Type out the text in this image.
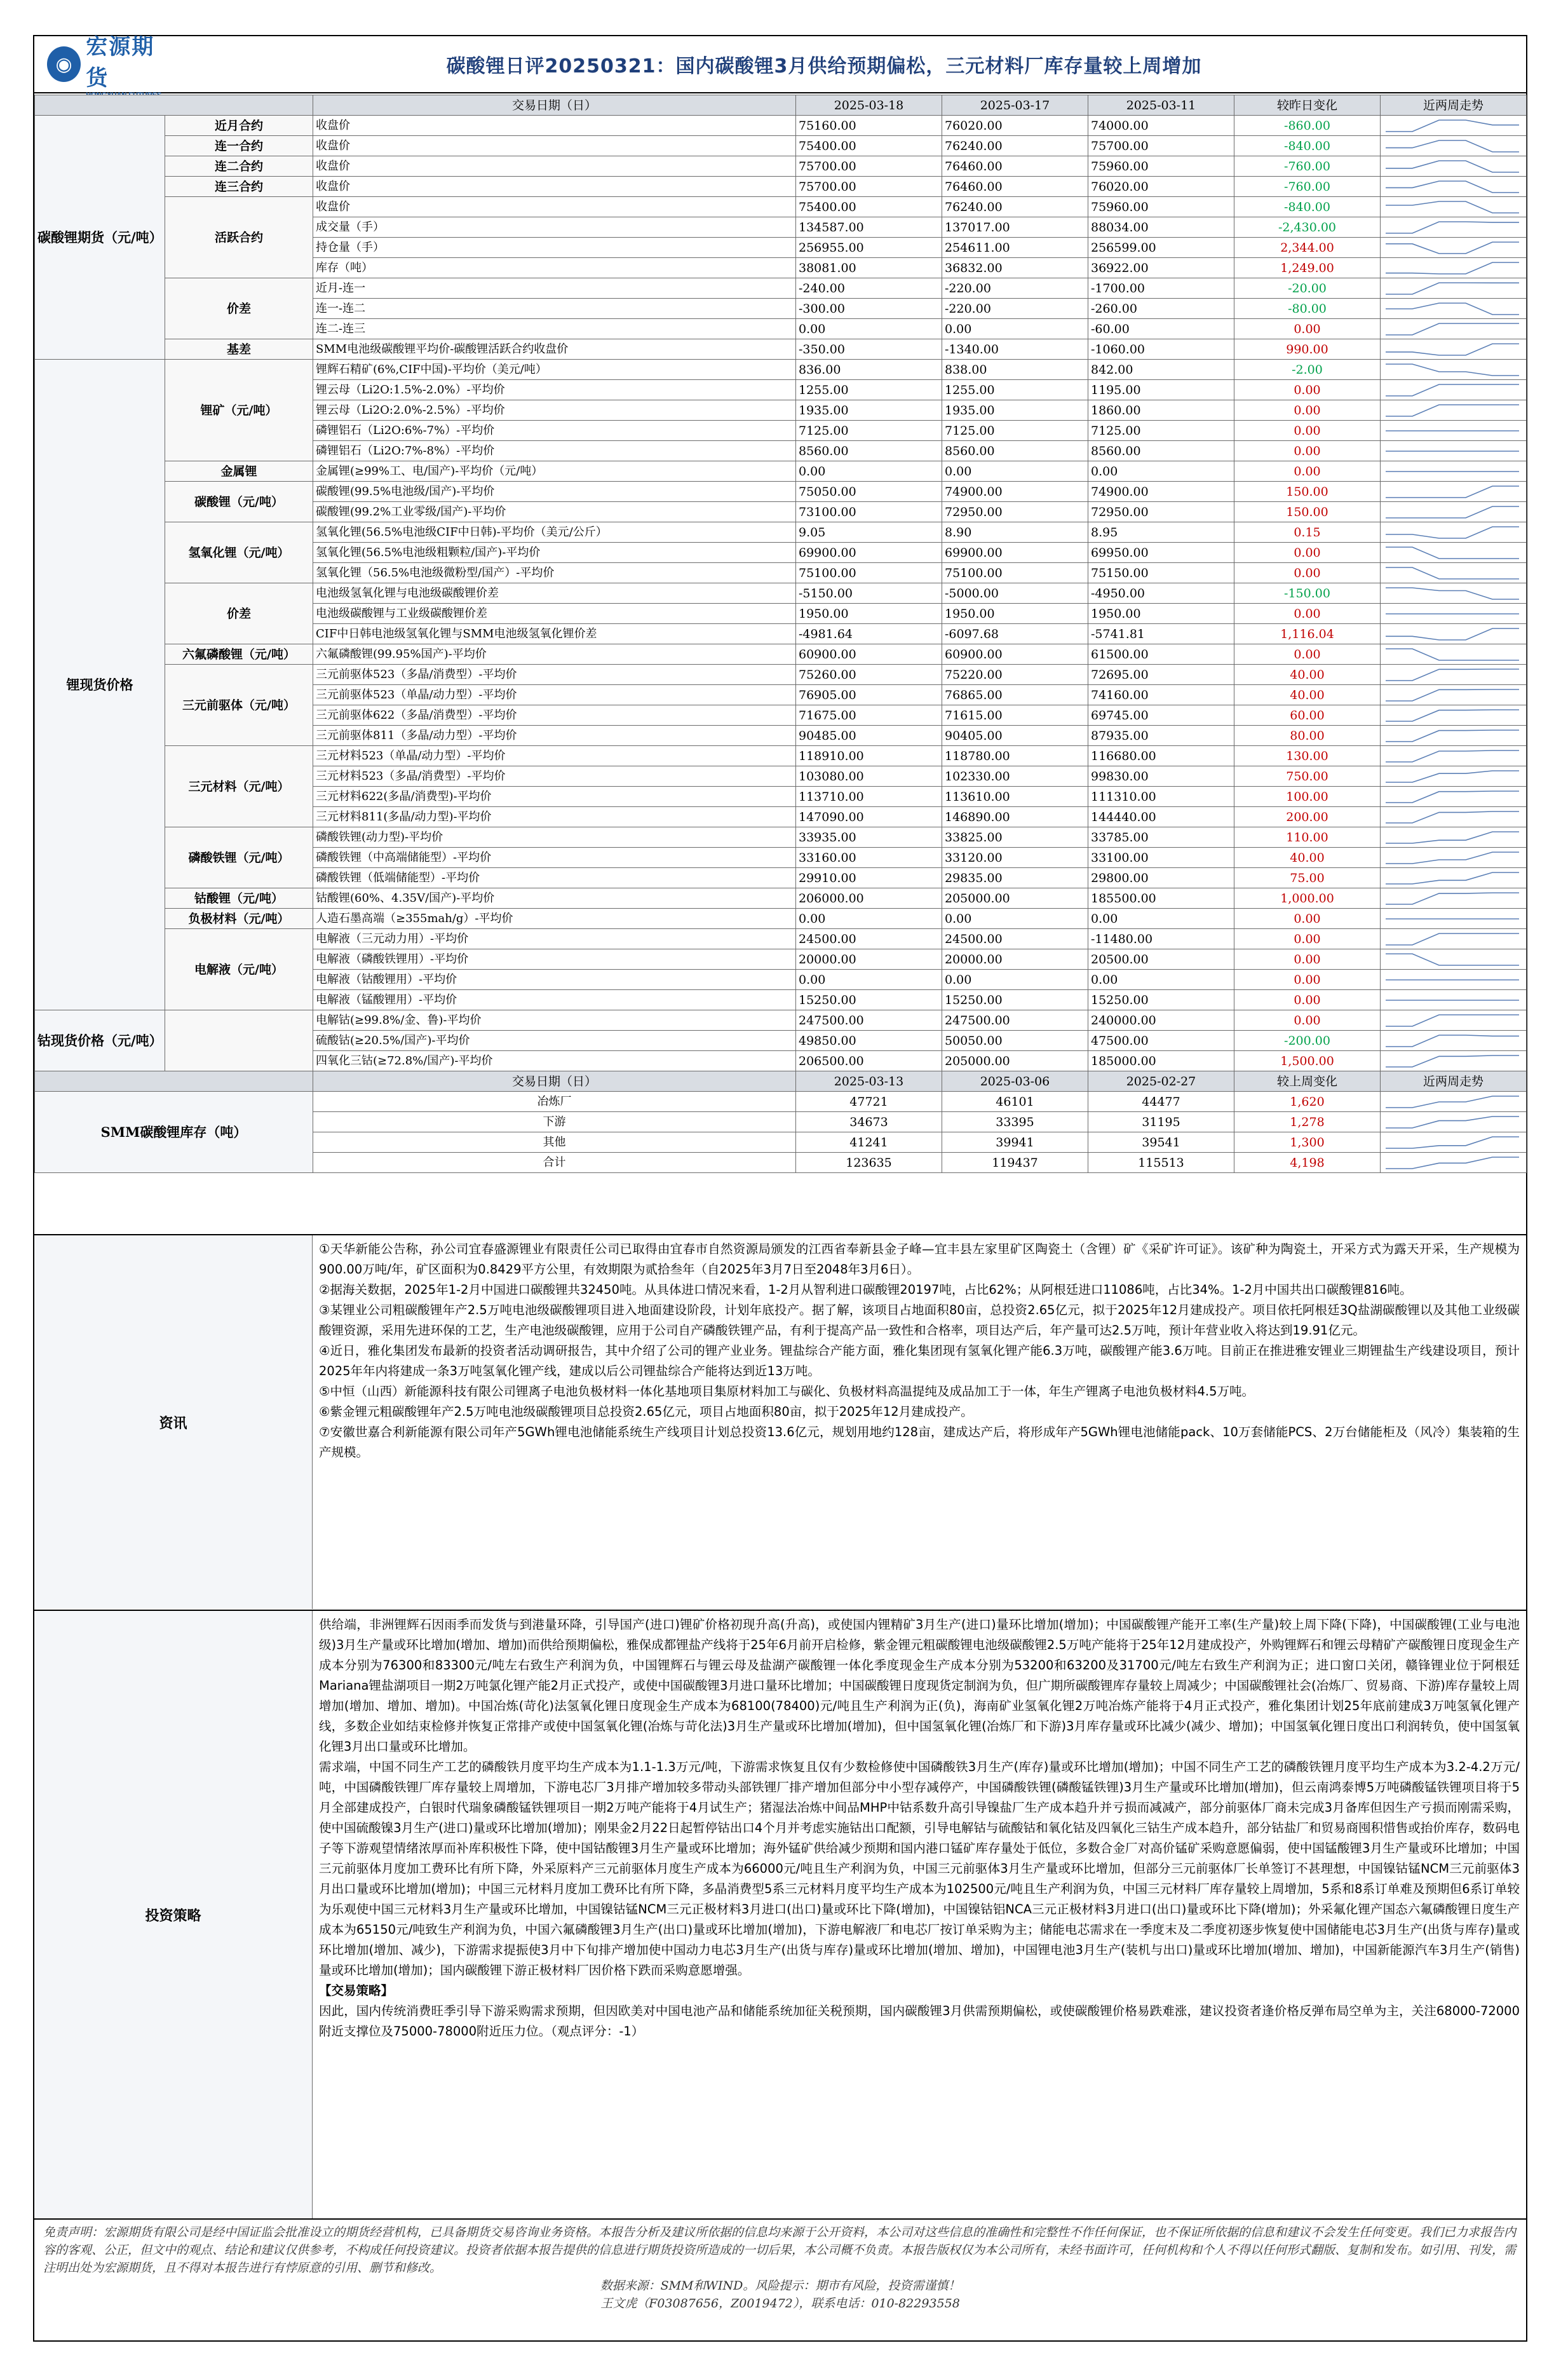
◉
宏源期货	碳酸锂日评20250321：国内碳酸锂3月供给预期偏松，三元材料厂库存量较上周增加
		交易日期（日）	2025-03-18	2025-03-17	2025-03-11	较昨日变化	近两周走势
碳酸锂期货（元/吨）	近月合约	收盘价	75160.00	76020.00	74000.00	-860.00	

	连一合约	收盘价	75400.00	76240.00	75700.00	-840.00	

	连二合约	收盘价	75700.00	76460.00	75960.00	-760.00	

	连三合约	收盘价	75700.00	76460.00	76020.00	-760.00	

	活跃合约	收盘价	75400.00	76240.00	75960.00	-840.00	

		成交量（手）	134587.00	137017.00	88034.00	-2,430.00	

		持仓量（手）	256955.00	254611.00	256599.00	2,344.00	

		库存（吨）	38081.00	36832.00	36922.00	1,249.00	

	价差	近月-连一	-240.00	-220.00	-1700.00	-20.00	

		连一-连二	-300.00	-220.00	-260.00	-80.00	

		连二-连三	0.00	0.00	-60.00	0.00	

	基差	SMM电池级碳酸锂平均价-碳酸锂活跃合约收盘价	-350.00	-1340.00	-1060.00	990.00	

锂现货价格	锂矿（元/吨）	锂辉石精矿(6%,CIF中国)-平均价（美元/吨）	836.00	838.00	842.00	-2.00	

		锂云母（Li2O:1.5%-2.0%）-平均价	1255.00	1255.00	1195.00	0.00	

		锂云母（Li2O:2.0%-2.5%）-平均价	1935.00	1935.00	1860.00	0.00	

		磷锂铝石（Li2O:6%-7%）-平均价	7125.00	7125.00	7125.00	0.00	

		磷锂铝石（Li2O:7%-8%）-平均价	8560.00	8560.00	8560.00	0.00	

	金属锂	金属锂(≥99%工、电/国产)-平均价（元/吨）	0.00	0.00	0.00	0.00	

	碳酸锂（元/吨）	碳酸锂(99.5%电池级/国产)-平均价	75050.00	74900.00	74900.00	150.00	

		碳酸锂(99.2%工业零级/国产)-平均价	73100.00	72950.00	72950.00	150.00	

	氢氧化锂（元/吨）	氢氧化锂(56.5%电池级CIF中日韩)-平均价（美元/公斤）	9.05	8.90	8.95	0.15	

		氢氧化锂(56.5%电池级粗颗粒/国产)-平均价	69900.00	69900.00	69950.00	0.00	

		氢氧化锂（56.5%电池级微粉型/国产）-平均价	75100.00	75100.00	75150.00	0.00	

	价差	电池级氢氧化锂与电池级碳酸锂价差	-5150.00	-5000.00	-4950.00	-150.00	

		电池级碳酸锂与工业级碳酸锂价差	1950.00	1950.00	1950.00	0.00	

		CIF中日韩电池级氢氧化锂与SMM电池级氢氧化锂价差	-4981.64	-6097.68	-5741.81	1,116.04	

	六氟磷酸锂（元/吨）	六氟磷酸锂(99.95%国产)-平均价	60900.00	60900.00	61500.00	0.00	

	三元前驱体（元/吨）	三元前驱体523（多晶/消费型）-平均价	75260.00	75220.00	72695.00	40.00	

		三元前驱体523（单晶/动力型）-平均价	76905.00	76865.00	74160.00	40.00	

		三元前驱体622（多晶/消费型）-平均价	71675.00	71615.00	69745.00	60.00	

		三元前驱体811（多晶/动力型）-平均价	90485.00	90405.00	87935.00	80.00	

	三元材料（元/吨）	三元材料523（单晶/动力型）-平均价	118910.00	118780.00	116680.00	130.00	

		三元材料523（多晶/消费型）-平均价	103080.00	102330.00	99830.00	750.00	

		三元材料622(多晶/消费型)-平均价	113710.00	113610.00	111310.00	100.00	

		三元材料811(多晶/动力型)-平均价	147090.00	146890.00	144440.00	200.00	

	磷酸铁锂（元/吨）	磷酸铁锂(动力型)-平均价	33935.00	33825.00	33785.00	110.00	

		磷酸铁锂（中高端储能型）-平均价	33160.00	33120.00	33100.00	40.00	

		磷酸铁锂（低端储能型）-平均价	29910.00	29835.00	29800.00	75.00	

	钴酸锂（元/吨）	钴酸锂(60%、4.35V/国产)-平均价	206000.00	205000.00	185500.00	1,000.00	

	负极材料（元/吨）	人造石墨高端（≥355mah/g）-平均价	0.00	0.00	0.00	0.00	

	电解液（元/吨）	电解液（三元动力用）-平均价	24500.00	24500.00	-11480.00	0.00	

		电解液（磷酸铁锂用）-平均价	20000.00	20000.00	20500.00	0.00	

		电解液（钴酸锂用）-平均价	0.00	0.00	0.00	0.00	

		电解液（锰酸锂用）-平均价	15250.00	15250.00	15250.00	0.00	

钴现货价格（元/吨）		电解钴(≥99.8%/金、鲁)-平均价	247500.00	247500.00	240000.00	0.00	

		硫酸钴(≥20.5%/国产)-平均价	49850.00	50050.00	47500.00	-200.00	

		四氧化三钴(≥72.8%/国产)-平均价	206500.00	205000.00	185000.00	1,500.00	

		交易日期（日）	2025-03-13	2025-03-06	2025-02-27	较上周变化	近两周走势
SMM碳酸锂库存（吨）		冶炼厂	47721	46101	44477	1,620	

		下游	34673	33395	31195	1,278	

		其他	41241	39941	39541	1,300	

		合计	123635	119437	115513	4,198	
资讯

①天华新能公告称，孙公司宜春盛源锂业有限责任公司已取得由宜春市自然资源局颁发的江西省奉新县金子峰—宜丰县左家里矿区陶瓷土（含锂）矿《采矿许可证》。该矿种为陶瓷土，开采方式为露天开采，生产规模为900.00万吨/年，矿区面积为0.8429平方公里，有效期限为贰拾叁年（自2025年3月7日至2048年3月6日）。

②据海关数据，2025年1-2月中国进口碳酸锂共32450吨。从具体进口情况来看，1-2月从智利进口碳酸锂20197吨，占比62%；从阿根廷进口11086吨，占比34%。1-2月中国共出口碳酸锂816吨。

③某锂业公司粗碳酸锂年产2.5万吨电池级碳酸锂项目进入地面建设阶段，计划年底投产。据了解，该项目占地面积80亩，总投资2.65亿元，拟于2025年12月建成投产。项目依托阿根廷3Q盐湖碳酸锂以及其他工业级碳酸锂资源，采用先进环保的工艺，生产电池级碳酸锂，应用于公司自产磷酸铁锂产品，有利于提高产品一致性和合格率，项目达产后，年产量可达2.5万吨，预计年营业收入将达到19.91亿元。

④近日，雅化集团发布最新的投资者活动调研报告，其中介绍了公司的锂产业业务。锂盐综合产能方面，雅化集团现有氢氧化锂产能6.3万吨，碳酸锂产能3.6万吨。目前正在推进雅安锂业三期锂盐生产线建设项目，预计2025年年内将建成一条3万吨氢氧化锂产线，建成以后公司锂盐综合产能将达到近13万吨。

⑤中恒（山西）新能源科技有限公司锂离子电池负极材料一体化基地项目集原材料加工与碳化、负极材料高温提纯及成品加工于一体，年生产锂离子电池负极材料4.5万吨。

⑥紫金锂元粗碳酸锂年产2.5万吨电池级碳酸锂项目总投资2.65亿元，项目占地面积80亩，拟于2025年12月建成投产。

⑦安徽世嘉合利新能源有限公司年产5GWh锂电池储能系统生产线项目计划总投资13.6亿元，规划用地约128亩，建成达产后，将形成年产5GWh锂电池储能pack、10万套储能PCS、2万台储能柜及（风冷）集装箱的生产规模。

投资策略

供给端，非洲锂辉石因雨季而发货与到港量环降，引导国产(进口)锂矿价格初现升高(升高)，或使国内锂精矿3月生产(进口)量环比增加(增加)；中国碳酸锂产能开工率(生产量)较上周下降(下降)，中国碳酸锂(工业与电池级)3月生产量或环比增加(增加、增加)而供给预期偏松，雅保成都锂盐产线将于25年6月前开启检修，紫金锂元粗碳酸锂电池级碳酸锂2.5万吨产能将于25年12月建成投产，外购锂辉石和锂云母精矿产碳酸锂日度现金生产成本分别为76300和83300元/吨左右致生产利润为负，中国锂辉石与锂云母及盐湖产碳酸锂一体化季度现金生产成本分别为53200和63200及31700元/吨左右致生产利润为正；进口窗口关闭，赣锋锂业位于阿根廷Mariana锂盐湖项目一期2万吨氯化锂产能2月正式投产，或使中国碳酸锂3月进口量环比增加；中国碳酸锂日度现货定制润为负，但广期所碳酸锂库存量较上周减少；中国碳酸锂社会(冶炼厂、贸易商、下游)库存量较上周增加(增加、增加、增加)。中国冶炼(苛化)法氢氧化锂日度现金生产成本为68100(78400)元/吨且生产利润为正(负)，海南矿业氢氧化锂2万吨冶炼产能将于4月正式投产，雅化集团计划25年底前建成3万吨氢氧化锂产线，多数企业如结束检修并恢复正常排产或使中国氢氧化锂(冶炼与苛化法)3月生产量或环比增加(增加)，但中国氢氧化锂(冶炼厂和下游)3月库存量或环比减少(减少、增加)；中国氢氧化锂日度出口利润转负，使中国氢氧化锂3月出口量或环比增加。

需求端，中国不同生产工艺的磷酸铁月度平均生产成本为1.1-1.3万元/吨，下游需求恢复且仅有少数检修使中国磷酸铁3月生产(库存)量或环比增加(增加)；中国不同生产工艺的磷酸铁锂月度平均生产成本为3.2-4.2万元/吨，中国磷酸铁锂厂库存量较上周增加，下游电芯厂3月排产增加较多带动头部铁锂厂排产增加但部分中小型存减停产，中国磷酸铁锂(磷酸锰铁锂)3月生产量或环比增加(增加)，但云南鸿泰博5万吨磷酸锰铁锂项目将于5月全部建成投产，白银时代瑞象磷酸锰铁锂项目一期2万吨产能将于4月试生产；猪湿法冶炼中间品MHP中钴系数升高引导镍盐厂生产成本趋升并亏损而减减产，部分前驱体厂商未完成3月备库但因生产亏损而刚需采购，使中国硫酸镍3月生产(进口)量或环比增加(增加)；刚果金2月22日起暂停钴出口4个月并考虑实施钴出口配额，引导电解钴与硫酸钴和氧化钴及四氧化三钴生产成本趋升，部分钴盐厂和贸易商囤积惜售或抬价库存，数码电子等下游观望情绪浓厚而补库积极性下降，使中国钴酸锂3月生产量或环比增加；海外锰矿供给减少预期和国内港口锰矿库存量处于低位，多数合金厂对高价锰矿采购意愿偏弱，使中国锰酸锂3月生产量或环比增加；中国三元前驱体月度加工费环比有所下降，外采原料产三元前驱体月度生产成本为66000元/吨且生产利润为负，中国三元前驱体3月生产量或环比增加，但部分三元前驱体厂长单签订不甚理想，中国镍钴锰NCM三元前驱体3月出口量或环比增加(增加)；中国三元材料月度加工费环比有所下降，多晶消费型5系三元材料月度平均生产成本为102500元/吨且生产利润为负，中国三元材料厂库存量较上周增加，5系和8系订单难及预期但6系订单较为乐观使中国三元材料3月生产量或环比增加，中国镍钴锰NCM三元正极材料3月进口(出口)量或环比下降(增加)，中国镍钴铝NCA三元正极材料3月进口(出口)量或环比下降(增加)；外采氟化锂产国态六氟磷酸锂日度生产成本为65150元/吨致生产利润为负，中国六氟磷酸锂3月生产(出口)量或环比增加(增加)，下游电解液厂和电芯厂按订单采购为主；储能电芯需求在一季度末及二季度初逐步恢复使中国储能电芯3月生产(出货与库存)量或环比增加(增加、减少)，下游需求提振使3月中下旬排产增加使中国动力电芯3月生产(出货与库存)量或环比增加(增加、增加)，中国锂电池3月生产(装机与出口)量或环比增加(增加、增加)，中国新能源汽车3月生产(销售)量或环比增加(增加)；国内碳酸锂下游正极材料厂因价格下跌而采购意愿增强。

【交易策略】

因此，国内传统消费旺季引导下游采购需求预期，但因欧美对中国电池产品和储能系统加征关税预期，国内碳酸锂3月供需预期偏松，或使碳酸锂价格易跌难涨，建议投资者逢价格反弹布局空单为主，关注68000-72000附近支撑位及75000-78000附近压力位。（观点评分：-1）

免责声明：宏源期货有限公司是经中国证监会批准设立的期货经营机构，已具备期货交易咨询业务资格。本报告分析及建议所依据的信息均来源于公开资料，本公司对这些信息的准确性和完整性不作任何保证，也不保证所依据的信息和建议不会发生任何变更。我们已力求报告内容的客观、公正，但文中的观点、结论和建议仅供参考，不构成任何投资建议。投资者依据本报告提供的信息进行期货投资所造成的一切后果，本公司概不负责。本报告版权仅为本公司所有，未经书面许可，任何机构和个人不得以任何形式翻版、复制和发布。如引用、刊发，需注明出处为宏源期货，且不得对本报告进行有悖原意的引用、删节和修改。

数据来源：SMM和WIND。风险提示：期市有风险，投资需谨慎！

王文虎（F03087656，Z0019472），联系电话：010-82293558
